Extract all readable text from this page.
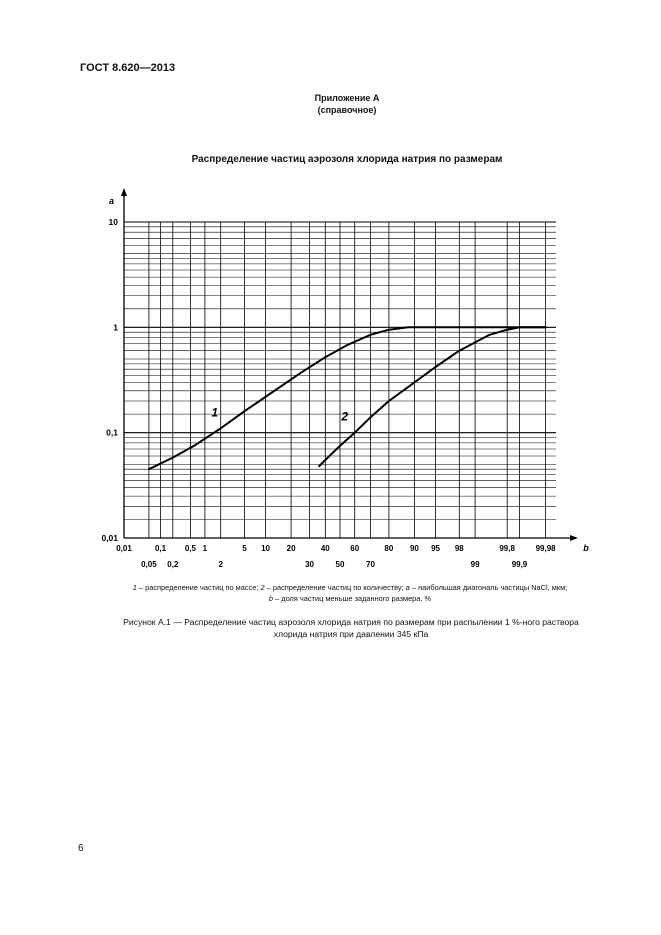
ГОСТ 8.620—2013
Приложение А
(справочное)
Распределение частиц аэрозоля хлорида натрия по размерам
a
b
10
1
0,1
0,01
0,01	0,1 0,5 1	5 10 20	40	60	80 90 95 98	99,8	99,98
0,05 0,2	2	30	50	70	99	99,9
1	2
1 – распределение частиц по массе; 2 – распределение частиц по количеству; a – наибольшая диагональ частицы NaCl, мкм;
b – доля частиц меньше заданного размера, %
Рисунок А.1 — Распределение частиц аэрозоля хлорида натрия по размерам при распылении 1 %-ного раствора
хлорида натрия при давлении 345 кПа
6
